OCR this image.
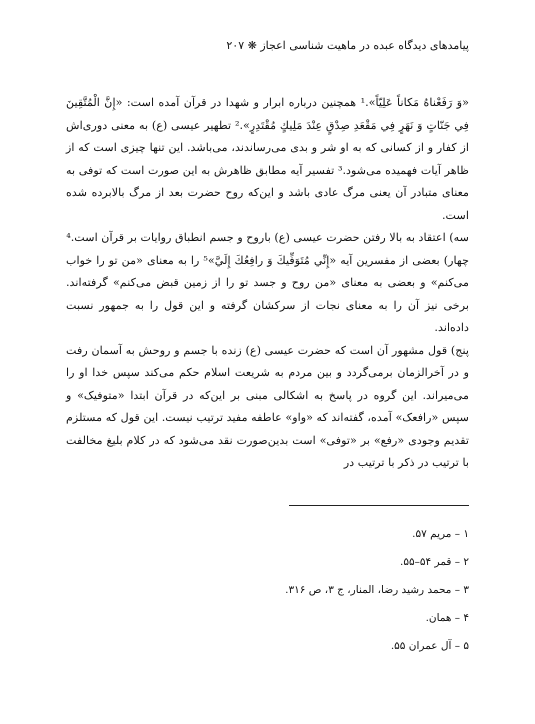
پیامدهای دیدگاه عبده در ماهیت شناسی اعجاز ❋ ۲۰۷

«وَ رَفَعْناهُ مَکاناً عَلِيّاً».¹ همچنین درباره ابرار و شهدا در قرآن آمده است: «إِنَّ الْمُتَّقِينَ فِي جَنّاتٍ وَ نَهَرٍ فِي مَقْعَدِ صِدْقٍ عِنْدَ مَلِيكٍ مُقْتَدِرٍ».² تطهیر عیسی (ع) به معنی دوری‌اش از کفار و از کسانی که به او شر و بدی می‌رساندند، می‌باشد. این تنها چیزی است که از ظاهر آیات فهمیده می‌شود.³ تفسیر آیه مطابق ظاهرش به این صورت است که توفی به معنای متبادر آن یعنی مرگ عادی باشد و این‌که روح حضرت بعد از مرگ بالابرده شده است.

سه) اعتقاد به بالا رفتن حضرت عیسی (ع) باروح و جسم انطباق روایات بر قرآن است.⁴

چهار) بعضی از مفسرین آیه «إِنِّي مُتَوَفِّيكَ وَ رافِعُكَ إِلَيَّ»⁵ را به معنای «من تو را خواب می‌کنم» و بعضی به معنای «من روح و جسد تو را از زمین قبض می‌کنم» گرفته‌اند. برخی نیز آن را به معنای نجات از سرکشان گرفته و این قول را به جمهور نسبت داده‌اند.

پنج) قول مشهور آن است که حضرت عیسی (ع) زنده با جسم و روحش به آسمان رفت و در آخرالزمان برمی‌گردد و بین مردم به شریعت اسلام حکم می‌کند سپس خدا او را می‌میراند. این گروه در پاسخ به اشکالی مبنی بر این‌که در قرآن ابتدا «متوفیک» و سپس «رافعک» آمده، گفته‌اند که «واو» عاطفه مفید ترتیب نیست. این قول که مستلزم تقدیم وجودی «رفع» بر «توفی» است بدین‌صورت نقد می‌شود که در کلام بلیغ مخالفت با ترتیب در ذکر با ترتیب در

۱ – مریم ۵۷.

۲ – قمر ۵۴–۵۵.

۳ – محمد رشید رضا، المنار، ج ۳، ص ۳۱۶.

۴ – همان.

۵ – آل عمران ۵۵.
